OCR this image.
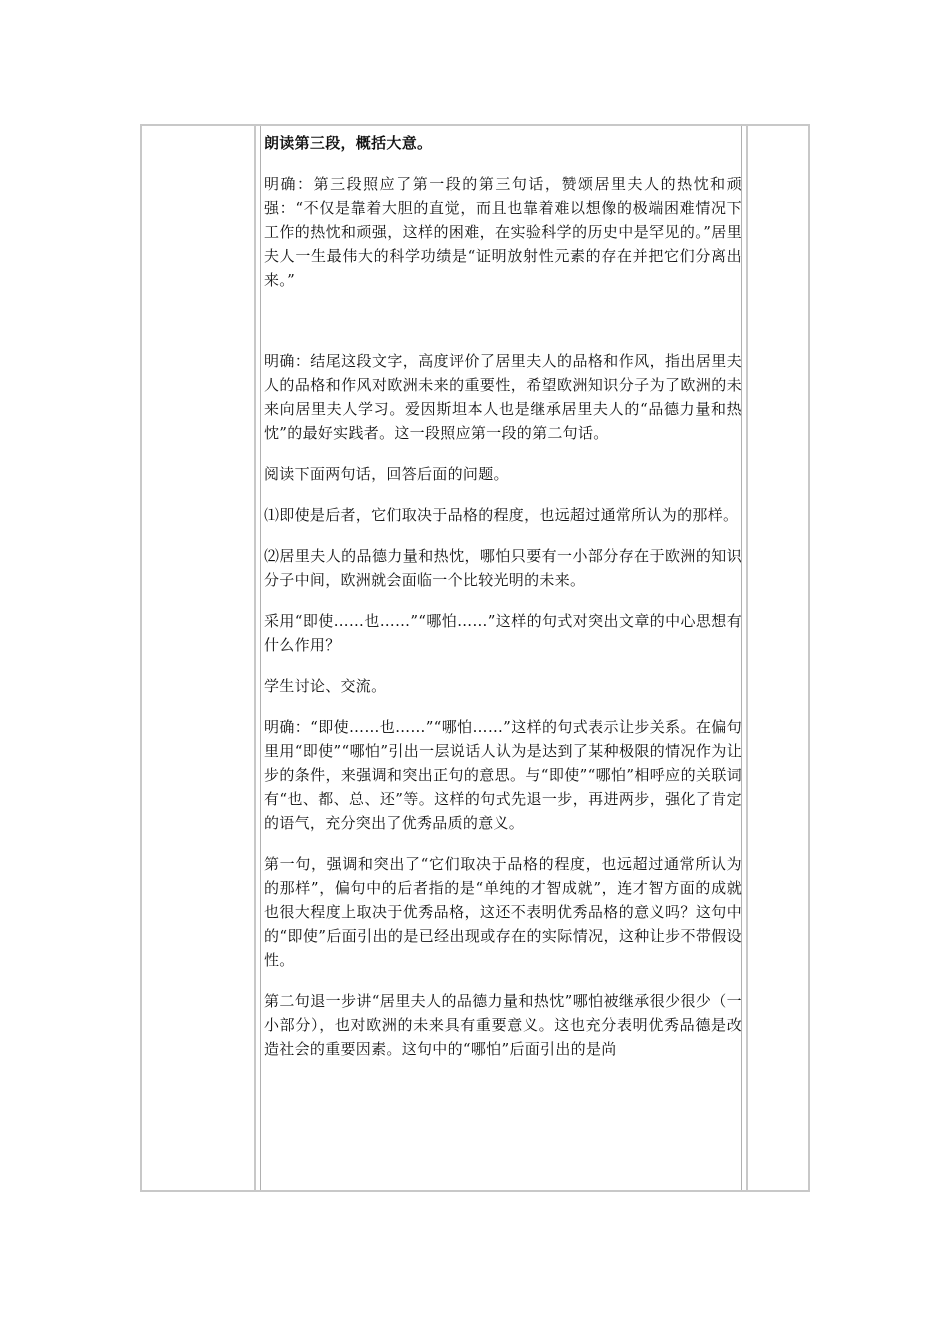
朗读第三段，概括大意。

明确：第三段照应了第一段的第三句话，赞颂居里夫人的热忱和顽强：“不仅是靠着大胆的直觉，而且也靠着难以想像的极端困难情况下工作的热忱和顽强，这样的困难，在实验科学的历史中是罕见的。”居里夫人一生最伟大的科学功绩是“证明放射性元素的存在并把它们分离出来。”

明确：结尾这段文字，高度评价了居里夫人的品格和作风，指出居里夫人的品格和作风对欧洲未来的重要性，希望欧洲知识分子为了欧洲的未来向居里夫人学习。爱因斯坦本人也是继承居里夫人的“品德力量和热忱”的最好实践者。这一段照应第一段的第二句话。

阅读下面两句话，回答后面的问题。

⑴即使是后者，它们取决于品格的程度，也远超过通常所认为的那样。

⑵居里夫人的品德力量和热忱，哪怕只要有一小部分存在于欧洲的知识分子中间，欧洲就会面临一个比较光明的未来。

采用“即使……也……”“哪怕……”这样的句式对突出文章的中心思想有什么作用？

学生讨论、交流。

明确：“即使……也……”“哪怕……”这样的句式表示让步关系。在偏句里用“即使”“哪怕”引出一层说话人认为是达到了某种极限的情况作为让步的条件，来强调和突出正句的意思。与“即使”“哪怕”相呼应的关联词有“也、都、总、还”等。这样的句式先退一步，再进两步，强化了肯定的语气，充分突出了优秀品质的意义。

第一句，强调和突出了“它们取决于品格的程度，也远超过通常所认为的那样”，偏句中的后者指的是“单纯的才智成就”，连才智方面的成就也很大程度上取决于优秀品格，这还不表明优秀品格的意义吗？这句中的“即使”后面引出的是已经出现或存在的实际情况，这种让步不带假设性。

第二句退一步讲“居里夫人的品德力量和热忱”哪怕被继承很少很少（一小部分），也对欧洲的未来具有重要意义。这也充分表明优秀品德是改造社会的重要因素。这句中的“哪怕”后面引出的是尚
